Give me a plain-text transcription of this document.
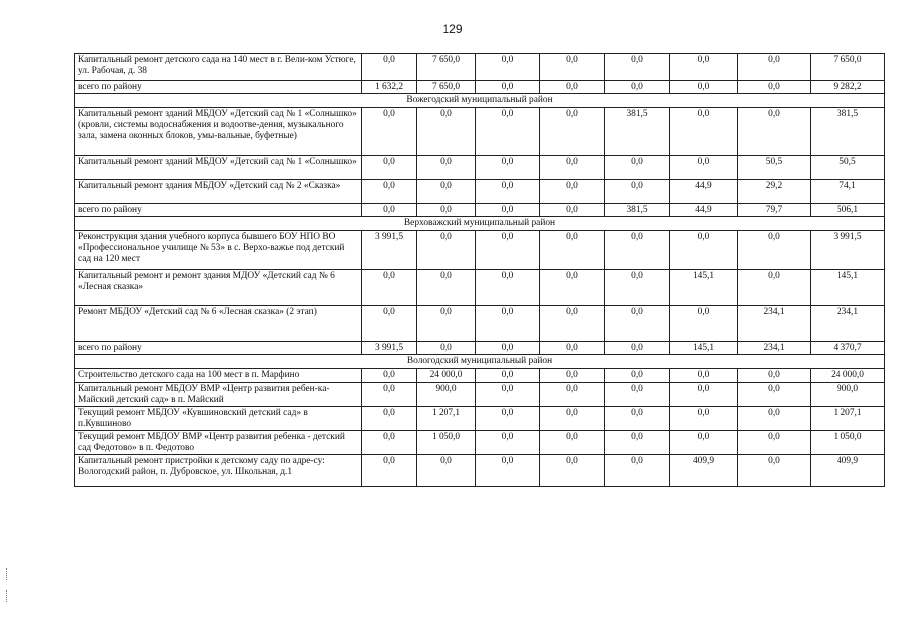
129
Капитальный ремонт детского сада на 140 мест в г. Вели-ком Устюге, ул. Рабочая, д. 38	0,0	7 650,0	0,0	0,0	0,0	0,0	0,0	7 650,0
всего по району	1 632,2	7 650,0	0,0	0,0	0,0	0,0	0,0	9 282,2
Вожегодский муниципальный район								
Капитальный ремонт зданий МБДОУ «Детский сад № 1 «Солнышко» (кровли, системы водоснабжения и водоотве-дения, музыкального зала, замена оконных блоков, умы-вальные, буфетные)	0,0	0,0	0,0	0,0	381,5	0,0	0,0	381,5
Капитальный ремонт зданий МБДОУ «Детский сад № 1 «Солнышко»	0,0	0,0	0,0	0,0	0,0	0,0	50,5	50,5
Капитальный ремонт здания МБДОУ «Детский сад № 2 «Сказка»	0,0	0,0	0,0	0,0	0,0	44,9	29,2	74,1
всего по району	0,0	0,0	0,0	0,0	381,5	44,9	79,7	506,1
Верховажский муниципальный район								
Реконструкция здания учебного корпуса бывшего БОУ НПО ВО «Профессиональное училище № 53» в с. Верхо-важье под детский сад на 120 мест	3 991,5	0,0	0,0	0,0	0,0	0,0	0,0	3 991,5
Капитальный ремонт и ремонт здания МДОУ «Детский сад № 6 «Лесная сказка»	0,0	0,0	0,0	0,0	0,0	145,1	0,0	145,1
Ремонт МБДОУ «Детский сад № 6 «Лесная сказка» (2 этап)	0,0	0,0	0,0	0,0	0,0	0,0	234,1	234,1
всего по району	3 991,5	0,0	0,0	0,0	0,0	145,1	234,1	4 370,7
Вологодский муниципальный район								
Строительство детского сада на 100 мест в п. Марфино	0,0	24 000,0	0,0	0,0	0,0	0,0	0,0	24 000,0
Капитальный ремонт МБДОУ ВМР «Центр развития ребен-ка-Майский детский сад» в п. Майский	0,0	900,0	0,0	0,0	0,0	0,0	0,0	900,0
Текущий ремонт МБДОУ «Кувшиновский детский сад» в п.Кувшиново	0,0	1 207,1	0,0	0,0	0,0	0,0	0,0	1 207,1
Текущий ремонт МБДОУ ВМР «Центр развития ребенка - детский сад Федотово» в п. Федотово	0,0	1 050,0	0,0	0,0	0,0	0,0	0,0	1 050,0
Капитальный ремонт пристройки к детскому саду по адре-су: Вологодский район, п. Дубровское, ул. Школьная, д.1	0,0	0,0	0,0	0,0	0,0	409,9	0,0	409,9
